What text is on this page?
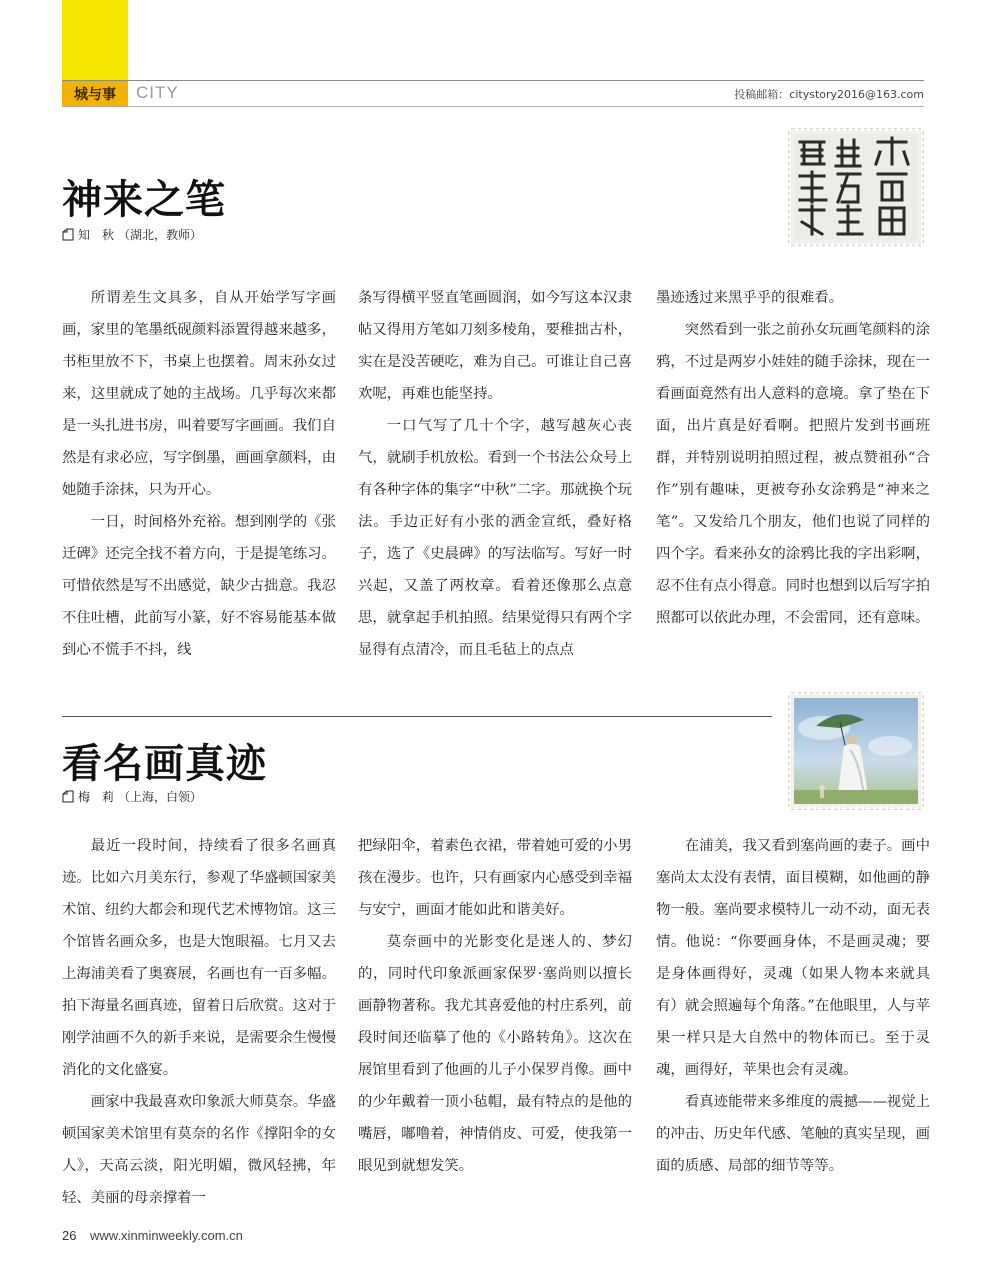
城与事	CITY	投稿邮箱：citystory2016@163.com
神来之笔
知　秋 （湖北，教师）

所谓差生文具多，自从开始学写字画画，家里的笔墨纸砚颜料添置得越来越多，书柜里放不下，书桌上也摆着。周末孙女过来，这里就成了她的主战场。几乎每次来都是一头扎进书房，叫着要写字画画。我们自然是有求必应，写字倒墨，画画拿颜料，由她随手涂抹，只为开心。

一日，时间格外充裕。想到刚学的《张迁碑》还完全找不着方向，于是提笔练习。可惜依然是写不出感觉，缺少古拙意。我忍不住吐槽，此前写小篆，好不容易能基本做到心不慌手不抖，线

条写得横平竖直笔画圆润，如今写这本汉隶帖又得用方笔如刀刻多棱角，要稚拙古朴，实在是没苦硬吃，难为自己。可谁让自己喜欢呢，再难也能坚持。

一口气写了几十个字，越写越灰心丧气，就刷手机放松。看到一个书法公众号上有各种字体的集字“中秋”二字。那就换个玩法。手边正好有小张的洒金宣纸，叠好格子，选了《史晨碑》的写法临写。写好一时兴起，又盖了两枚章。看着还像那么点意思，就拿起手机拍照。结果觉得只有两个字显得有点清冷，而且毛毡上的点点

墨迹透过来黑乎乎的很难看。

突然看到一张之前孙女玩画笔颜料的涂鸦，不过是两岁小娃娃的随手涂抹，现在一看画面竟然有出人意料的意境。拿了垫在下面，出片真是好看啊。把照片发到书画班群，并特别说明拍照过程，被点赞祖孙“合作”别有趣味，更被夸孙女涂鸦是“神来之笔”。又发给几个朋友，他们也说了同样的四个字。看来孙女的涂鸦比我的字出彩啊，忍不住有点小得意。同时也想到以后写字拍照都可以依此办理，不会雷同，还有意味。

看名画真迹
梅　莉 （上海，白领）

最近一段时间，持续看了很多名画真迹。比如六月美东行，参观了华盛顿国家美术馆、纽约大都会和现代艺术博物馆。这三个馆皆名画众多，也是大饱眼福。七月又去上海浦美看了奥赛展，名画也有一百多幅。拍下海量名画真迹，留着日后欣赏。这对于刚学油画不久的新手来说，是需要余生慢慢消化的文化盛宴。

画家中我最喜欢印象派大师莫奈。华盛顿国家美术馆里有莫奈的名作《撑阳伞的女人》，天高云淡，阳光明媚，微风轻拂，年轻、美丽的母亲撑着一

把绿阳伞，着素色衣裙，带着她可爱的小男孩在漫步。也许，只有画家内心感受到幸福与安宁，画面才能如此和谐美好。

莫奈画中的光影变化是迷人的、梦幻的，同时代印象派画家保罗·塞尚则以擅长画静物著称。我尤其喜爱他的村庄系列，前段时间还临摹了他的《小路转角》。这次在展馆里看到了他画的儿子小保罗肖像。画中的少年戴着一顶小毡帽，最有特点的是他的嘴唇，嘟噜着，神情俏皮、可爱，使我第一眼见到就想发笑。

在浦美，我又看到塞尚画的妻子。画中塞尚太太没有表情，面目模糊，如他画的静物一般。塞尚要求模特儿一动不动，面无表情。他说：“你要画身体，不是画灵魂；要是身体画得好，灵魂（如果人物本来就具有）就会照遍每个角落。”在他眼里，人与苹果一样只是大自然中的物体而已。至于灵魂，画得好，苹果也会有灵魂。

看真迹能带来多维度的震撼——视觉上的冲击、历史年代感、笔触的真实呈现，画面的质感、局部的细节等等。

26 www.xinminweekly.com.cn
